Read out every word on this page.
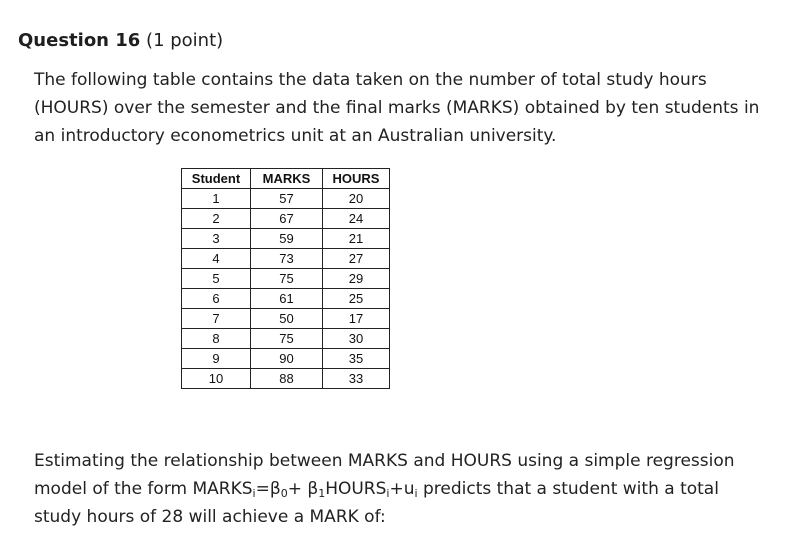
Question 16 (1 point)
The following table contains the data taken on the number of total study hours (HOURS) over the semester and the final marks (MARKS) obtained by ten students in an introductory econometrics unit at an Australian university.
Student	MARKS	HOURS
1	57	20
2	67	24
3	59	21
4	73	27
5	75	29
6	61	25
7	50	17
8	75	30
9	90	35
10	88	33
Estimating the relationship between MARKS and HOURS using a simple regression model of the form $MARKS_i=\beta_0+$ $\beta_1HOURS_i+u_i$ predicts that a student with a total study hours of 28 will achieve a MARK of:
